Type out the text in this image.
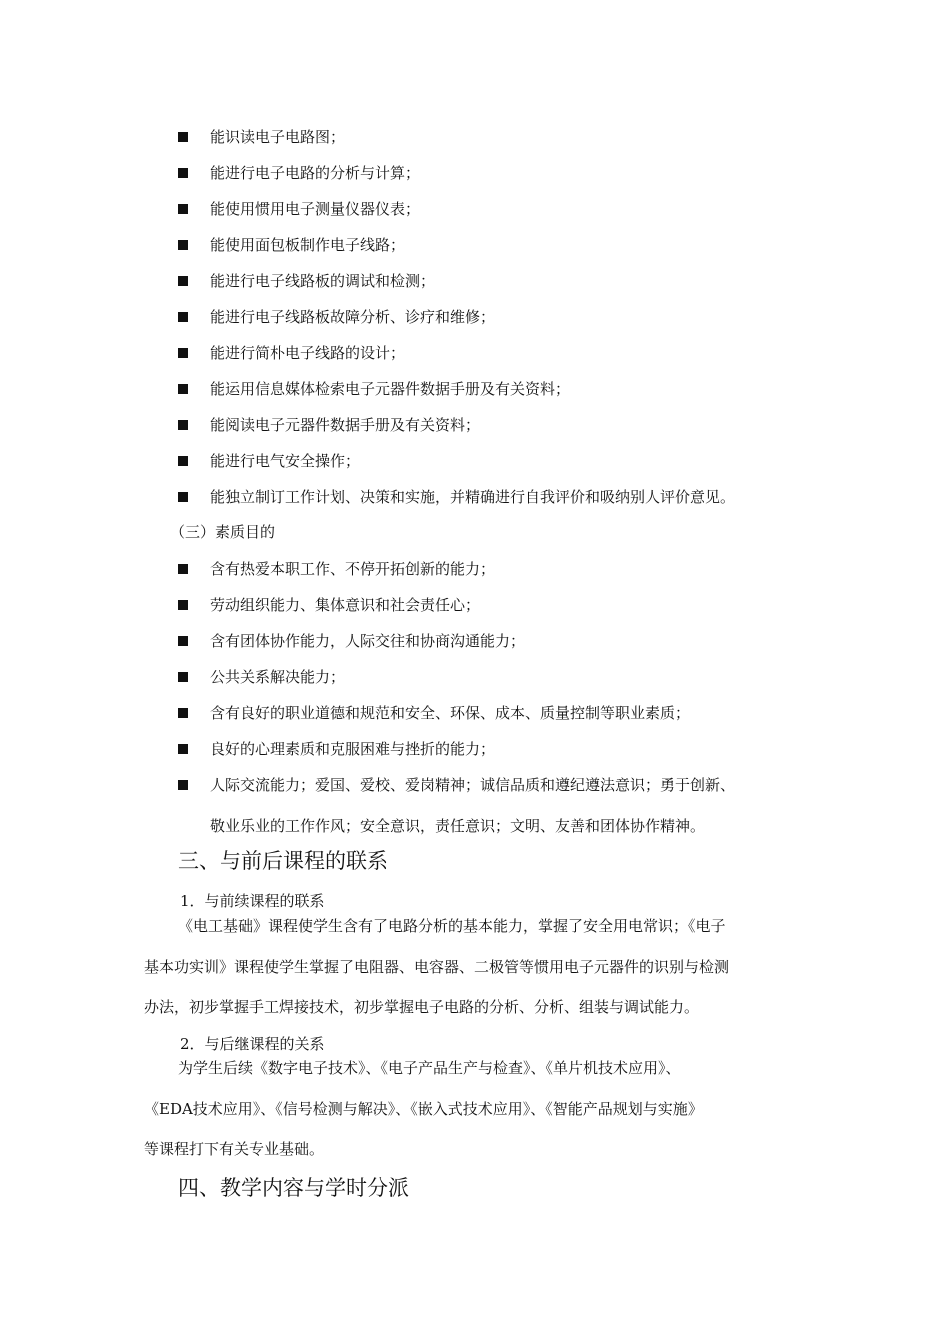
能识读电子电路图；
能进行电子电路的分析与计算；
能使用惯用电子测量仪器仪表；
能使用面包板制作电子线路；
能进行电子线路板的调试和检测；
能进行电子线路板故障分析、诊疗和维修；
能进行简朴电子线路的设计；
能运用信息媒体检索电子元器件数据手册及有关资料；
能阅读电子元器件数据手册及有关资料；
能进行电气安全操作；
能独立制订工作计划、决策和实施，并精确进行自我评价和吸纳别人评价意见。
（三）素质目的
含有热爱本职工作、不停开拓创新的能力；
劳动组织能力、集体意识和社会责任心；
含有团体协作能力，人际交往和协商沟通能力；
公共关系解决能力；
含有良好的职业道德和规范和安全、环保、成本、质量控制等职业素质；
良好的心理素质和克服困难与挫折的能力；
人际交流能力；爱国、爱校、爱岗精神；诚信品质和遵纪遵法意识；勇于创新、
敬业乐业的工作作风；安全意识，责任意识；文明、友善和团体协作精神。
三、与前后课程的联系
1．与前续课程的联系
《电工基础》课程使学生含有了电路分析的基本能力，掌握了安全用电常识；《电子
基本功实训》课程使学生掌握了电阻器、电容器、二极管等惯用电子元器件的识别与检测
办法，初步掌握手工焊接技术，初步掌握电子电路的分析、分析、组装与调试能力。
2．与后继课程的关系
为学生后续《数字电子技术》、《电子产品生产与检查》、《单片机技术应用》、
《EDA技术应用》、《信号检测与解决》、《嵌入式技术应用》、《智能产品规划与实施》
等课程打下有关专业基础。
四、教学内容与学时分派
